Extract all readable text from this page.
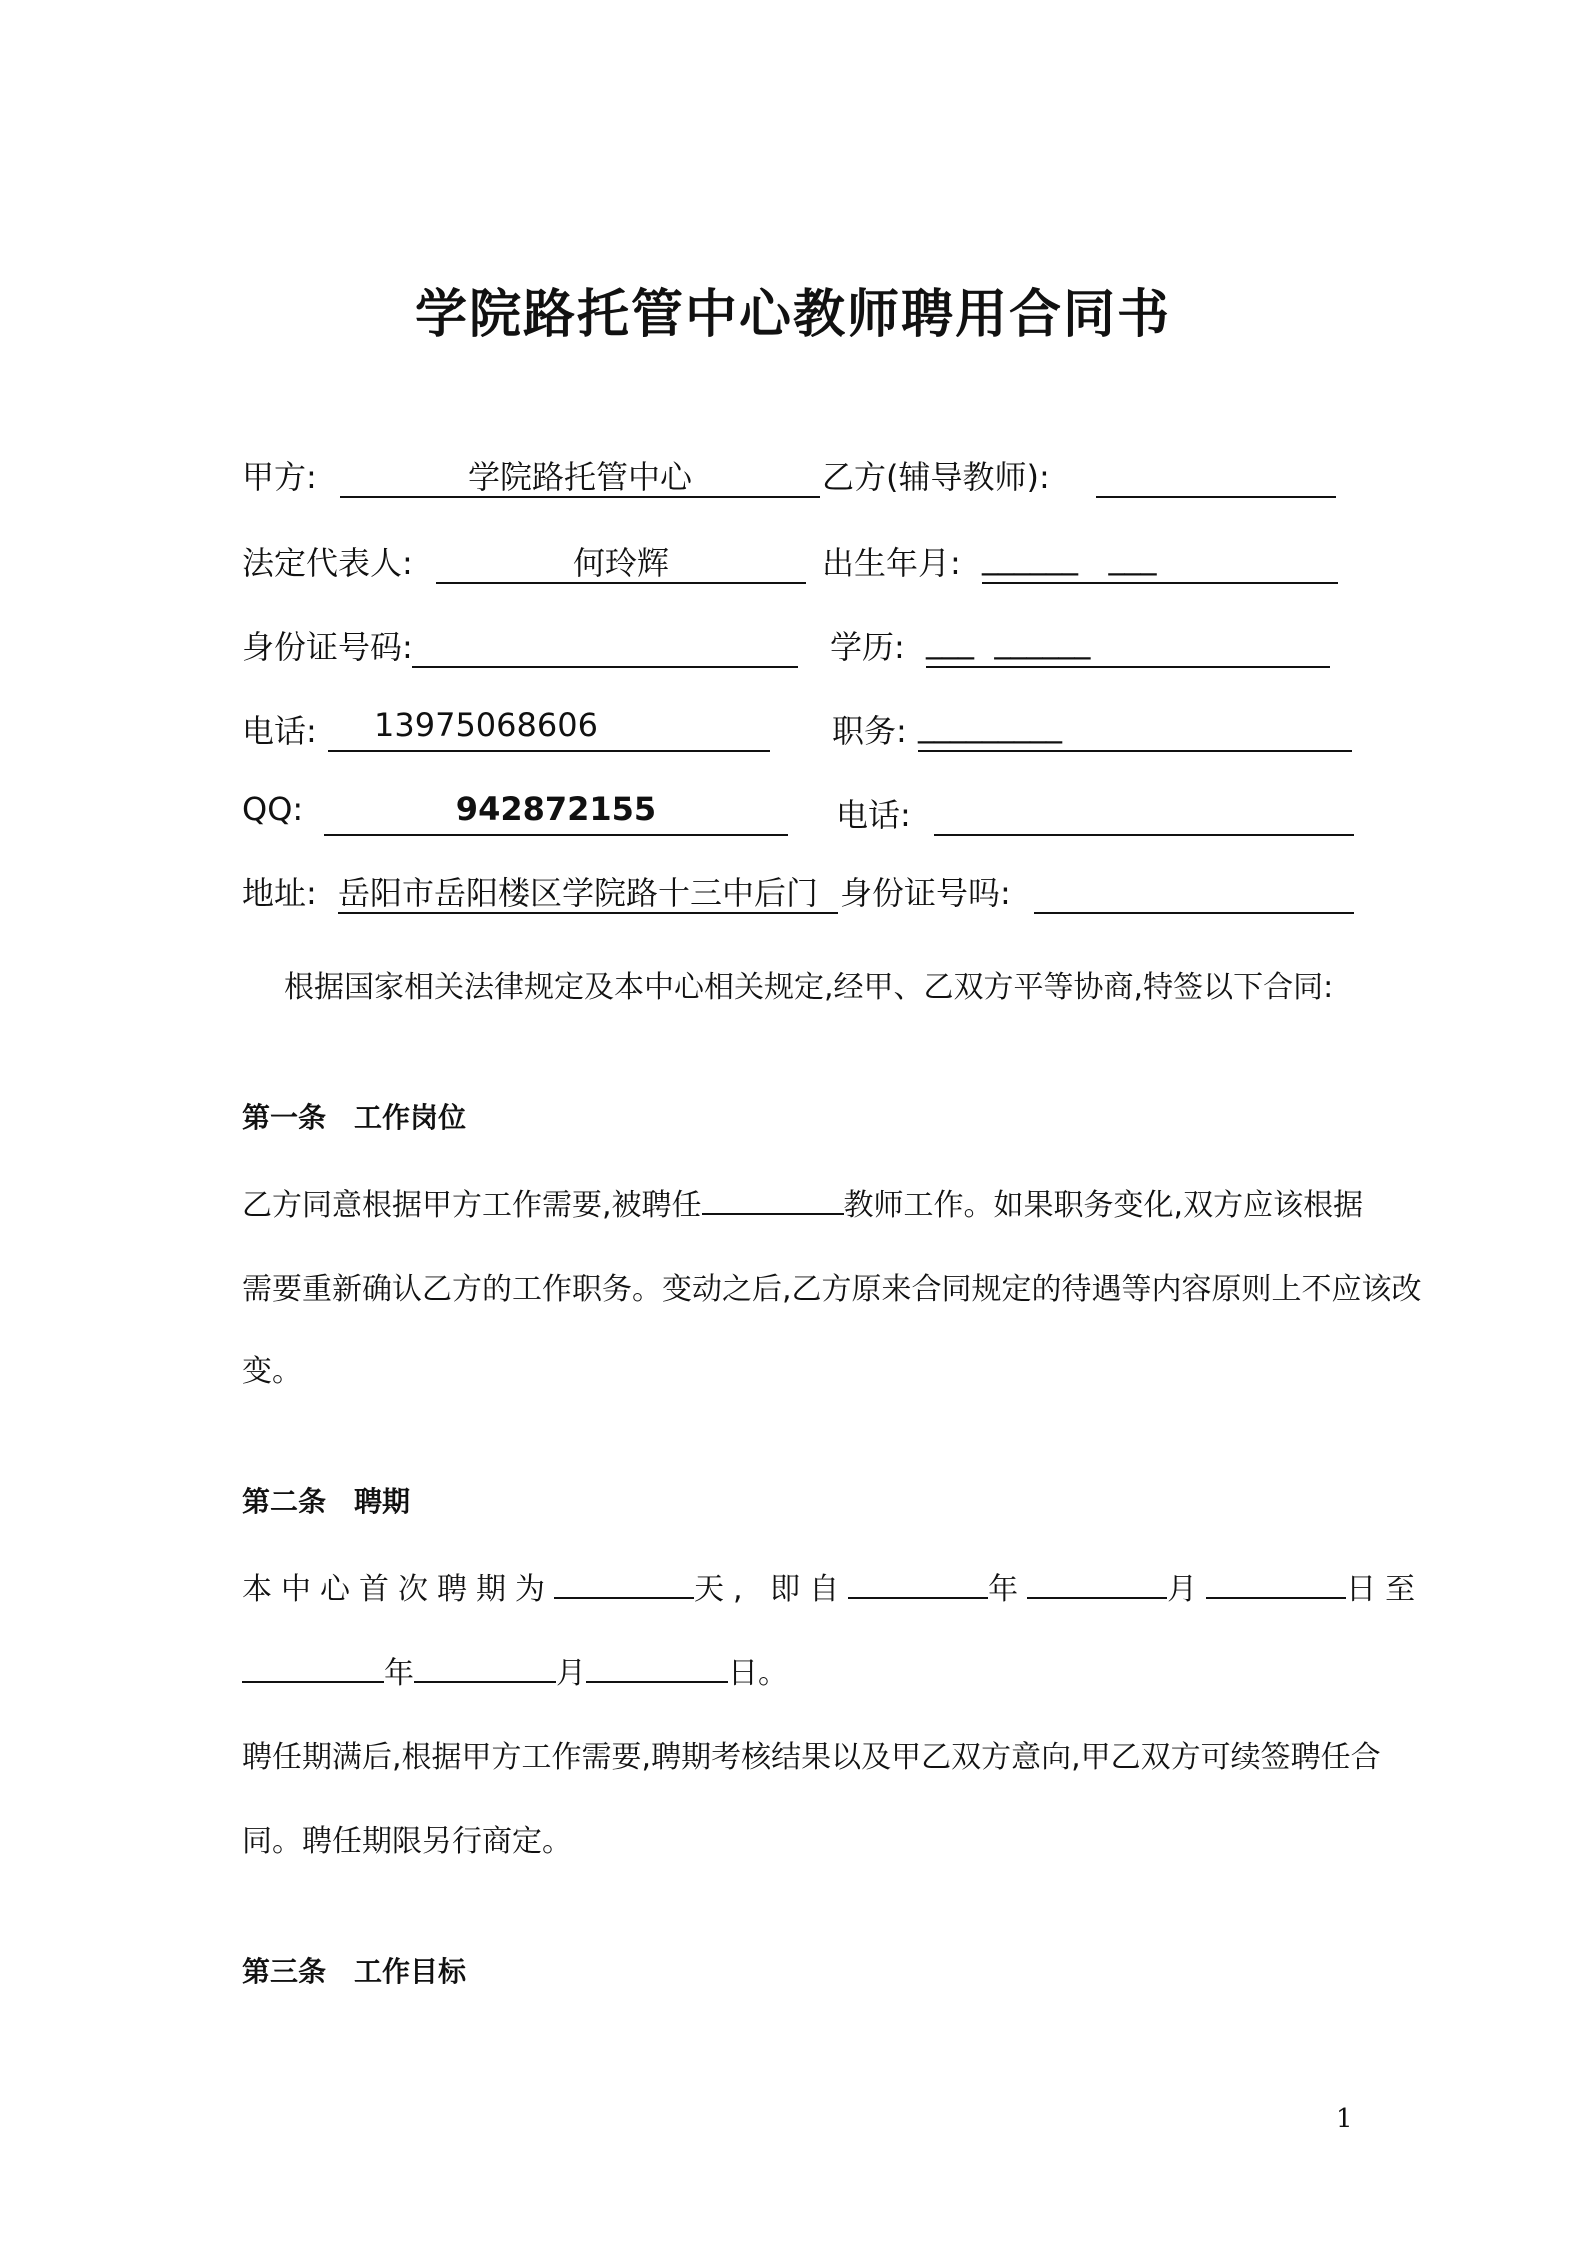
学院路托管中心教师聘用合同书
甲方:	学院路托管中心	乙方(辅导教师):
法定代表人:	何玲辉	出生年月: ______   ___
身份证号码:	学历: ___  ______
电话:	13975068606	职务: _________
QQ:	942872155	电话:
地址: 岳阳市岳阳楼区学院路十三中后门 身份证号吗:
根据国家相关法律规定及本中心相关规定,经甲、乙双方平等协商,特签以下合同:
第一条　工作岗位
乙方同意根据甲方工作需要,被聘任	教师工作。如果职务变化,双方应该根据
需要重新确认乙方的工作职务。变动之后,乙方原来合同规定的待遇等内容原则上不应该改
变。
第二条　聘期
本中心首次聘期为	天, 即自	年	月	日至
年	月	日。
聘任期满后,根据甲方工作需要,聘期考核结果以及甲乙双方意向,甲乙双方可续签聘任合
同。聘任期限另行商定。
第三条　工作目标
1
